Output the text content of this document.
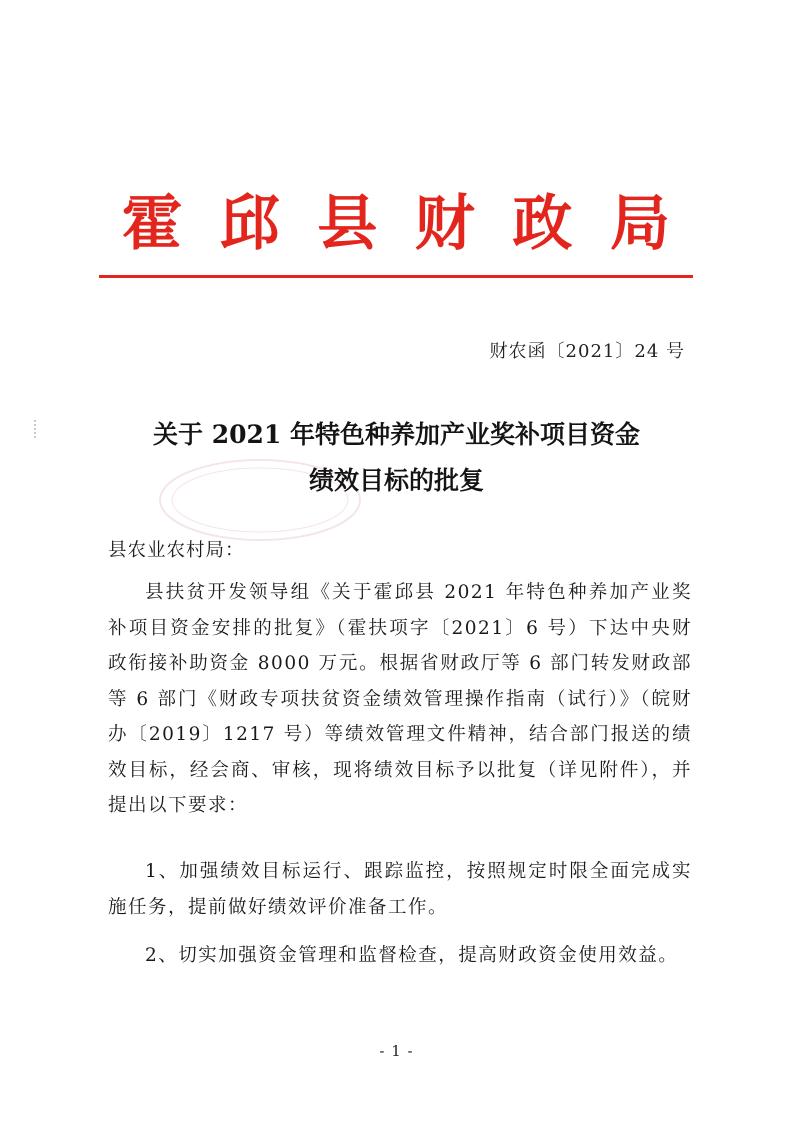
霍 邱 县 财 政 局
财农函〔2021〕24 号
关于 2021 年特色种养加产业奖补项目资金
绩效目标的批复
县农业农村局：
县扶贫开发领导组《关于霍邱县 2021 年特色种养加产业奖补项目资金安排的批复》（霍扶项字〔2021〕6 号）下达中央财政衔接补助资金 8000 万元。根据省财政厅等 6 部门转发财政部等 6 部门《财政专项扶贫资金绩效管理操作指南（试行）》（皖财办〔2019〕1217 号）等绩效管理文件精神，结合部门报送的绩效目标，经会商、审核，现将绩效目标予以批复（详见附件），并提出以下要求：
1、加强绩效目标运行、跟踪监控，按照规定时限全面完成实施任务，提前做好绩效评价准备工作。
2、切实加强资金管理和监督检查，提高财政资金使用效益。
- 1 -
